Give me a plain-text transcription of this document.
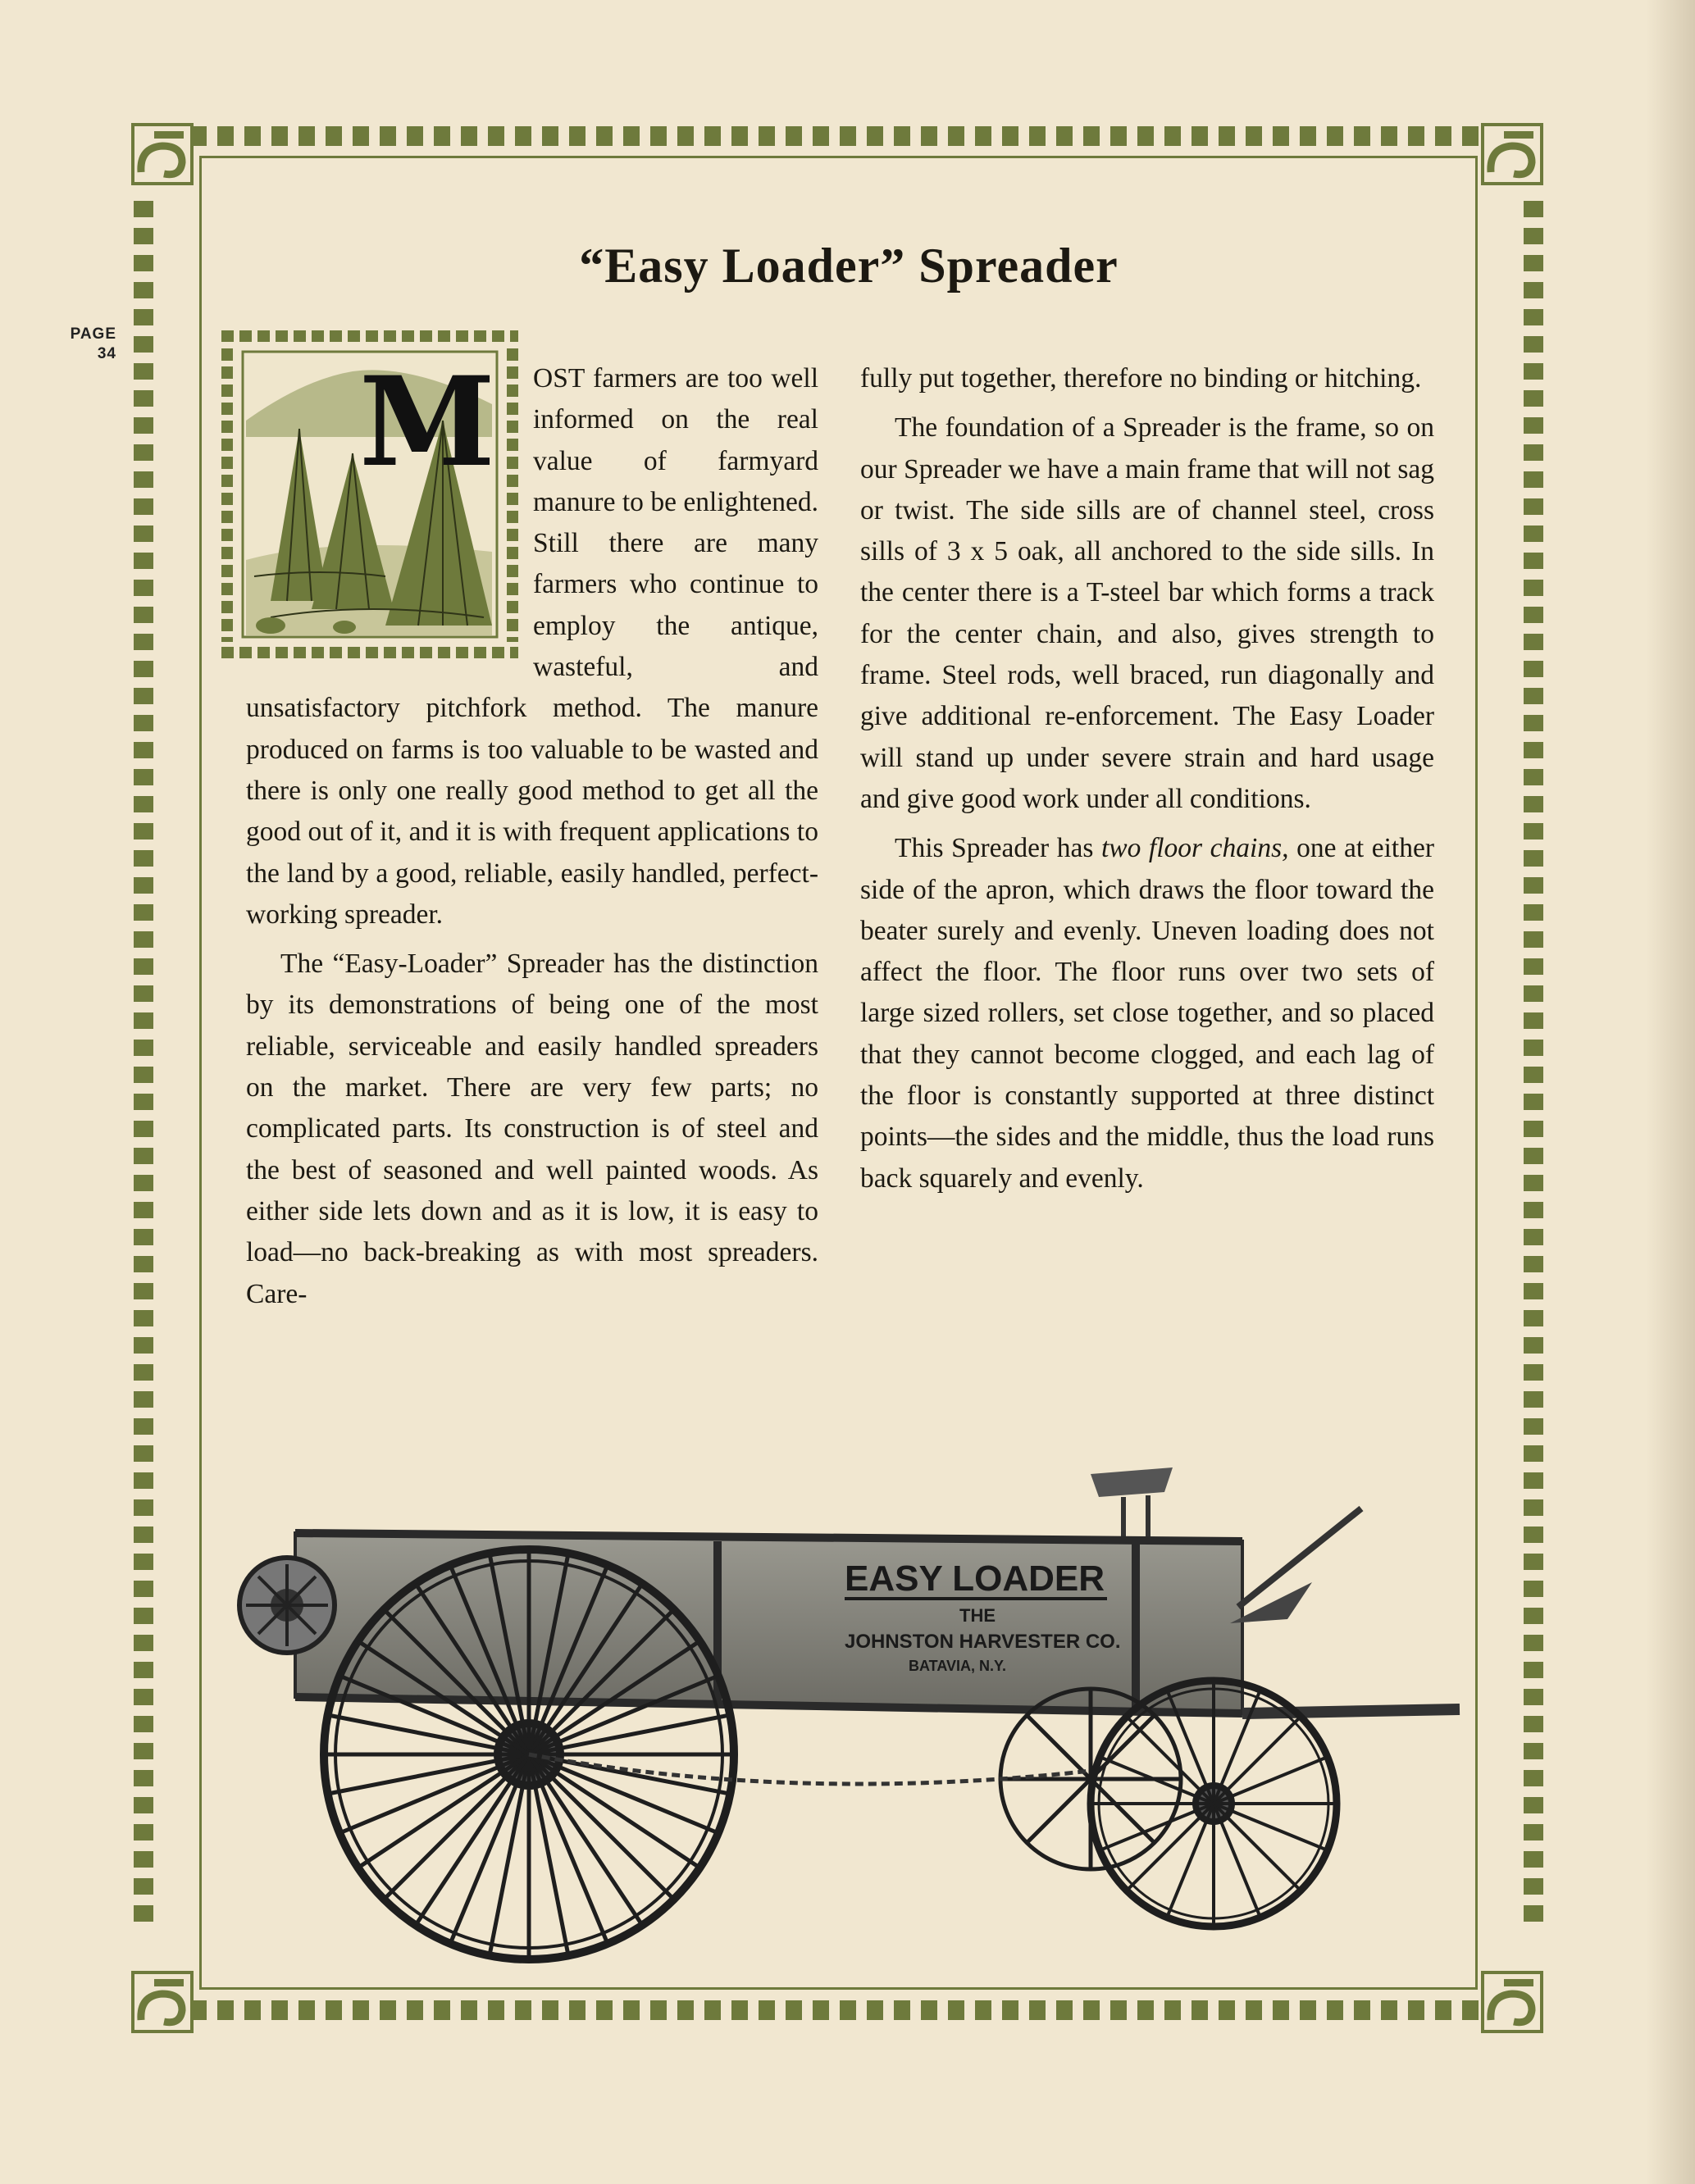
PAGE
34
“Easy Loader” Spreader
M	OST farmers are too well informed on the real value of farmyard manure to be enlightened. Still there are many farmers who continue to employ the antique, wasteful, and unsatisfactory pitchfork method. The manure produced on farms is too valuable to be wasted and there is only one really good method to get all the good out of it, and it is with frequent applications to the land by a good, reliable, easily handled, perfect-working spreader.

The “Easy-Loader” Spreader has the distinction by its demonstrations of being one of the most reliable, serviceable and easily handled spreaders on the market. There are very few parts; no complicated parts. Its construction is of steel and the best of seasoned and well painted woods. As either side lets down and as it is low, it is easy to load—no back-breaking as with most spreaders. Care-

fully put together, therefore no binding or hitching.

The foundation of a Spreader is the frame, so on our Spreader we have a main frame that will not sag or twist. The side sills are of channel steel, cross sills of 3 x 5 oak, all anchored to the side sills. In the center there is a T-steel bar which forms a track for the center chain, and also, gives strength to frame. Steel rods, well braced, run diagonally and give additional re-enforcement. The Easy Loader will stand up under severe strain and hard usage and give good work under all conditions.

This Spreader has two floor chains, one at either side of the apron, which draws the floor toward the beater surely and evenly. Uneven loading does not affect the floor. The floor runs over two sets of large sized rollers, set close together, and so placed that they cannot become clogged, and each lag of the floor is constantly supported at three distinct points—the sides and the middle, thus the load runs back squarely and evenly.

EASY LOADER
THE
JOHNSTON HARVESTER CO.
BATAVIA, N.Y.
